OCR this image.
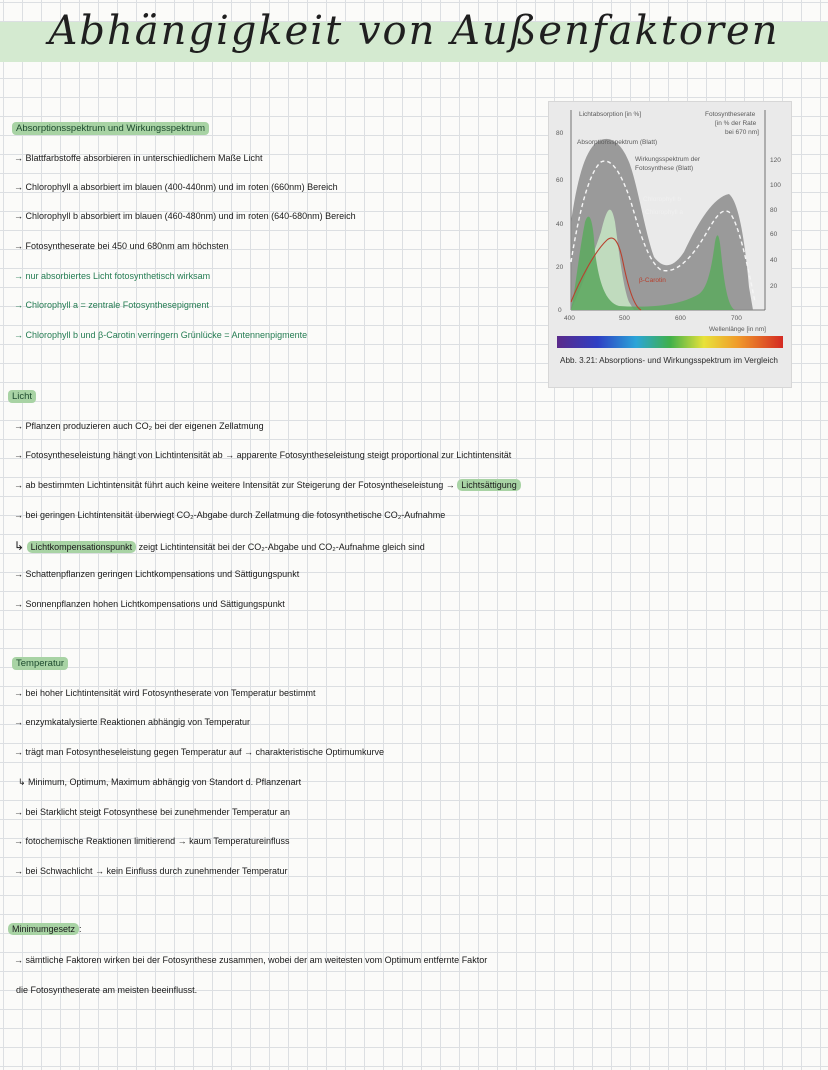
Abhängigkeit von Außenfaktoren
Absorptionsspektrum und Wirkungsspektrum
→ Blattfarbstoffe absorbieren in unterschiedlichem Maße Licht
→ Chlorophyll a absorbiert im blauen (400-440nm) und im roten (660nm) Bereich
→ Chlorophyll b absorbiert im blauen (460-480nm) und im roten (640-680nm) Bereich
→ Fotosyntheserate bei 450 und 680nm am höchsten
→ nur absorbiertes Licht fotosynthetisch wirksam
→ Chlorophyll a = zentrale Fotosynthesepigment
→ Chlorophyll b und β-Carotin verringern Grünlücke = Antennenpigmente
0
20
40
60
80
20
40
60
80
100
120
400	500	600	700
Lichtabsorption [in %]	Fotosyntheserate
[in % der Rate
bei 670 nm]
Wellenlänge [in nm]
Absorptionsspektrum (Blatt)
Wirkungsspektrum der
Fotosynthese (Blatt)
Chlorophyll b
Chlorophyll a
β-Carotin
Abb. 3.21: Absorptions- und Wirkungsspektrum im Vergleich
Licht
→ Pflanzen produzieren auch CO₂ bei der eigenen Zellatmung
→ Fotosyntheseleistung hängt von Lichtintensität ab → apparente Fotosyntheseleistung steigt proportional zur Lichtintensität
→ ab bestimmten Lichtintensität führt auch keine weitere Intensität zur Steigerung der Fotosyntheseleistung → Lichtsättigung
→ bei geringen Lichtintensität überwiegt CO₂-Abgabe durch Zellatmung die fotosynthetische CO₂-Aufnahme
↳ Lichtkompensationspunkt zeigt Lichtintensität bei der CO₂-Abgabe und CO₂-Aufnahme gleich sind
→ Schattenpflanzen geringen Lichtkompensations und Sättigungspunkt
→ Sonnenpflanzen hohen Lichtkompensations und Sättigungspunkt
Temperatur
→ bei hoher Lichtintensität wird Fotosyntheserate von Temperatur bestimmt
→ enzymkatalysierte Reaktionen abhängig von Temperatur
→ trägt man Fotosyntheseleistung gegen Temperatur auf → charakteristische Optimumkurve
↳ Minimum, Optimum, Maximum abhängig von Standort d. Pflanzenart
→ bei Starklicht steigt Fotosynthese bei zunehmender Temperatur an
→ fotochemische Reaktionen limitierend → kaum Temperatureinfluss
→ bei Schwachlicht → kein Einfluss durch zunehmender Temperatur
Minimumgesetz :
→ sämtliche Faktoren wirken bei der Fotosynthese zusammen, wobei der am weitesten vom Optimum entfernte Faktor
die Fotosyntheserate am meisten beeinflusst.
